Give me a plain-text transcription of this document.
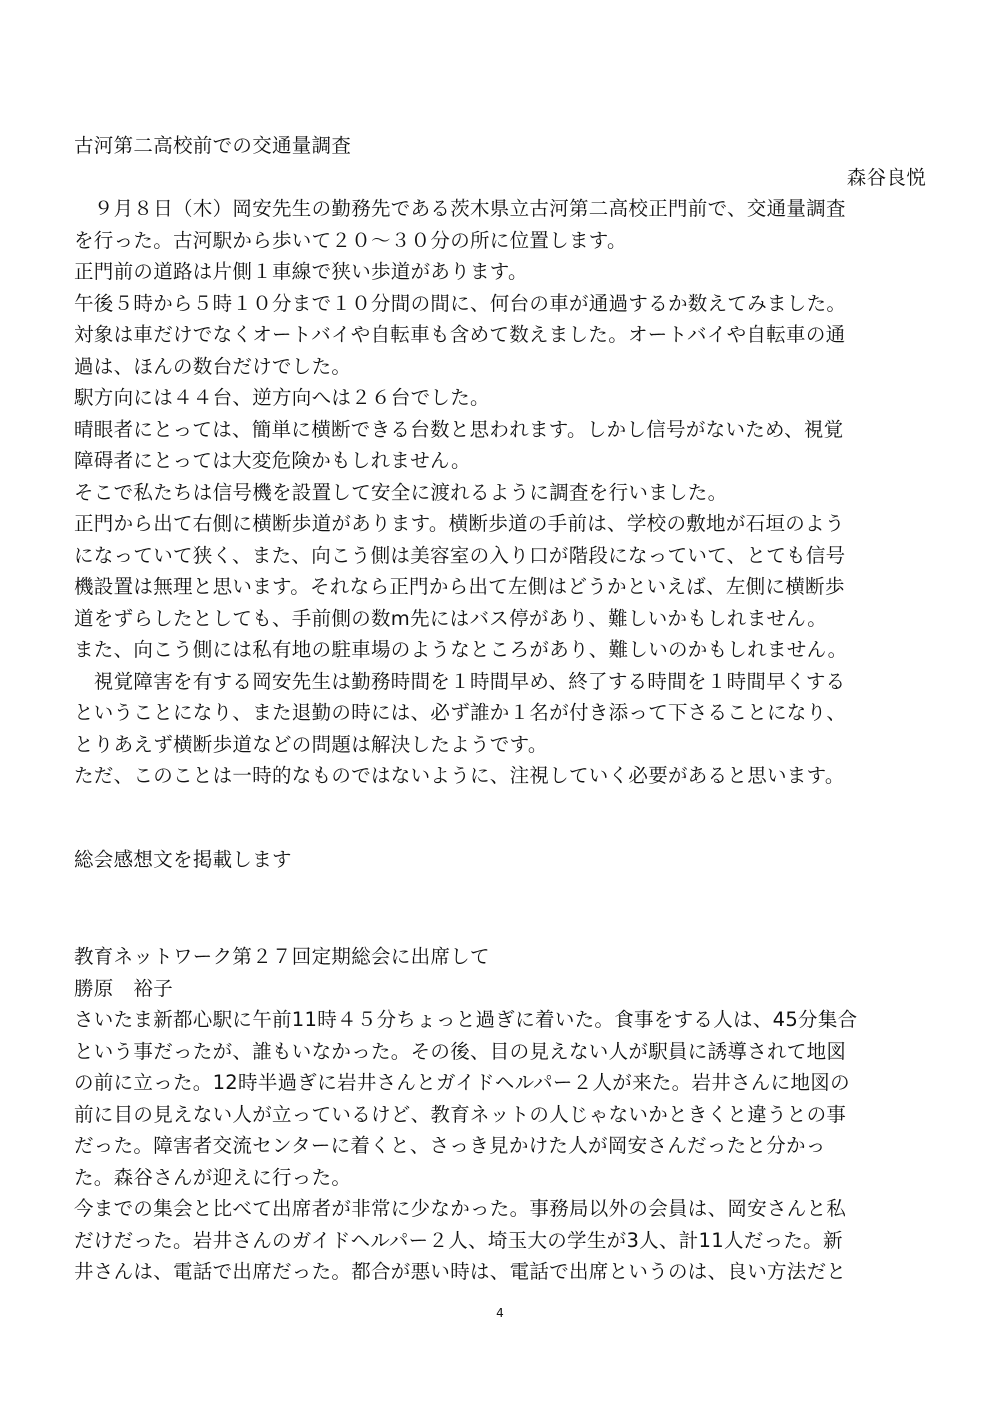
古河第二高校前での交通量調査
森谷良悦
　９月８日（木）岡安先生の勤務先である茨木県立古河第二高校正門前で、交通量調査
を行った。古河駅から歩いて２０〜３０分の所に位置します。
正門前の道路は片側１車線で狭い歩道があります。
午後５時から５時１０分まで１０分間の間に、何台の車が通過するか数えてみました。
対象は車だけでなくオートバイや自転車も含めて数えました。オートバイや自転車の通
過は、ほんの数台だけでした。
駅方向には４４台、逆方向へは２６台でした。
晴眼者にとっては、簡単に横断できる台数と思われます。しかし信号がないため、視覚
障碍者にとっては大変危険かもしれません。
そこで私たちは信号機を設置して安全に渡れるように調査を行いました。
正門から出て右側に横断歩道があります。横断歩道の手前は、学校の敷地が石垣のよう
になっていて狭く、また、向こう側は美容室の入り口が階段になっていて、とても信号
機設置は無理と思います。それなら正門から出て左側はどうかといえば、左側に横断歩
道をずらしたとしても、手前側の数m先にはバス停があり、難しいかもしれません。
また、向こう側には私有地の駐車場のようなところがあり、難しいのかもしれません。
　視覚障害を有する岡安先生は勤務時間を１時間早め、終了する時間を１時間早くする
ということになり、また退勤の時には、必ず誰か１名が付き添って下さることになり、
とりあえず横断歩道などの問題は解決したようです。
ただ、このことは一時的なものではないように、注視していく必要があると思います。
総会感想文を掲載します
教育ネットワーク第２７回定期総会に出席して
勝原　裕子
さいたま新都心駅に午前11時４５分ちょっと過ぎに着いた。食事をする人は、45分集合
という事だったが、誰もいなかった。その後、目の見えない人が駅員に誘導されて地図
の前に立った。12時半過ぎに岩井さんとガイドヘルパー２人が来た。岩井さんに地図の
前に目の見えない人が立っているけど、教育ネットの人じゃないかときくと違うとの事
だった。障害者交流センターに着くと、さっき見かけた人が岡安さんだったと分かっ
た。森谷さんが迎えに行った。
今までの集会と比べて出席者が非常に少なかった。事務局以外の会員は、岡安さんと私
だけだった。岩井さんのガイドヘルパー２人、埼玉大の学生が3人、計11人だった。新
井さんは、電話で出席だった。都合が悪い時は、電話で出席というのは、良い方法だと
4
